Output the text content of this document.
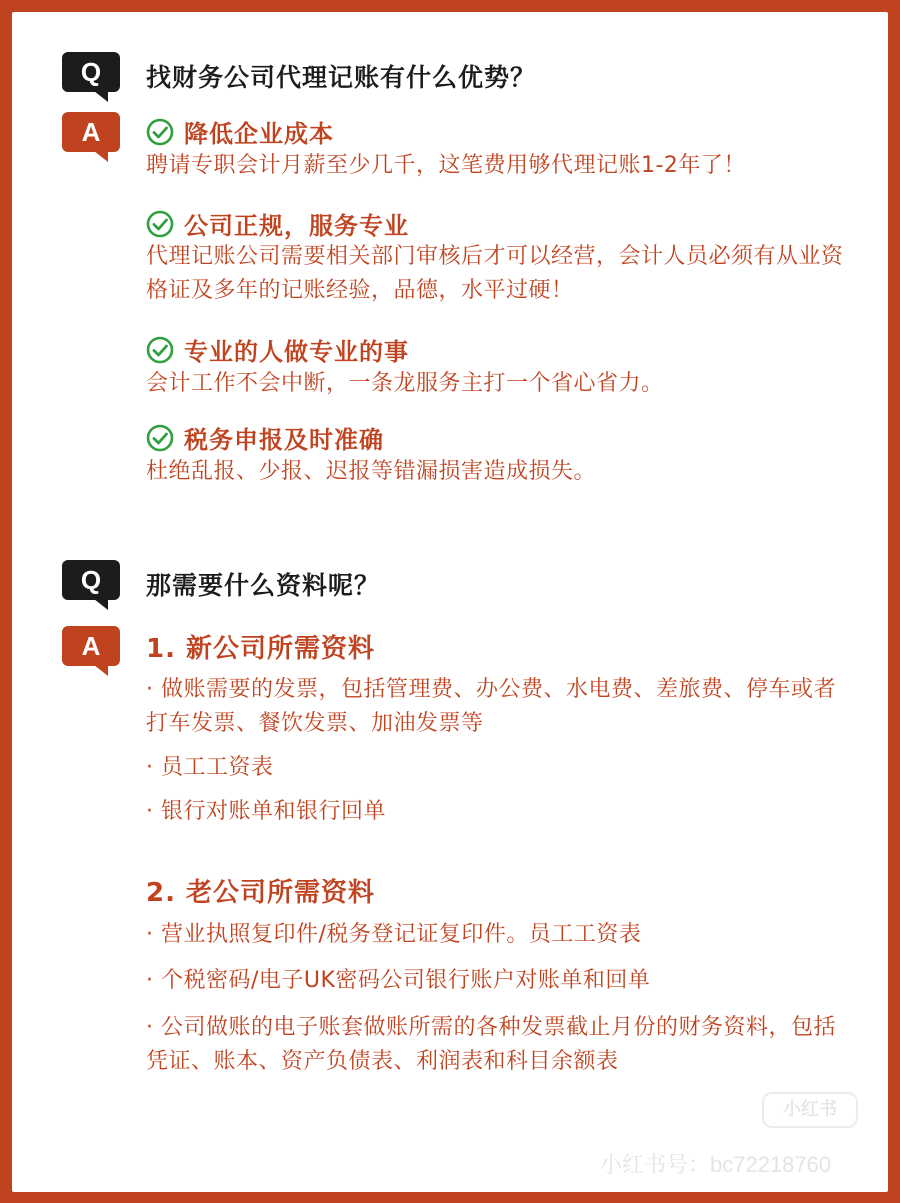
Q	找财务公司代理记账有什么优势？
A	降低企业成本
聘请专职会计月薪至少几千，这笔费用够代理记账1-2年了！
公司正规，服务专业
代理记账公司需要相关部门审核后才可以经营，会计人员必须有从业资格证及多年的记账经验，品德，水平过硬！
专业的人做专业的事
会计工作不会中断，一条龙服务主打一个省心省力。
税务申报及时准确
杜绝乱报、少报、迟报等错漏损害造成损失。
Q	那需要什么资料呢？
A	1. 新公司所需资料
· 做账需要的发票，包括管理费、办公费、水电费、差旅费、停车或者打车发票、餐饮发票、加油发票等
· 员工工资表
· 银行对账单和银行回单
2. 老公司所需资料
· 营业执照复印件/税务登记证复印件。员工工资表
· 个税密码/电子UK密码公司银行账户对账单和回单
· 公司做账的电子账套做账所需的各种发票截止月份的财务资料，包括凭证、账本、资产负债表、利润表和科目余额表
小红书
小红书号：bc72218760
